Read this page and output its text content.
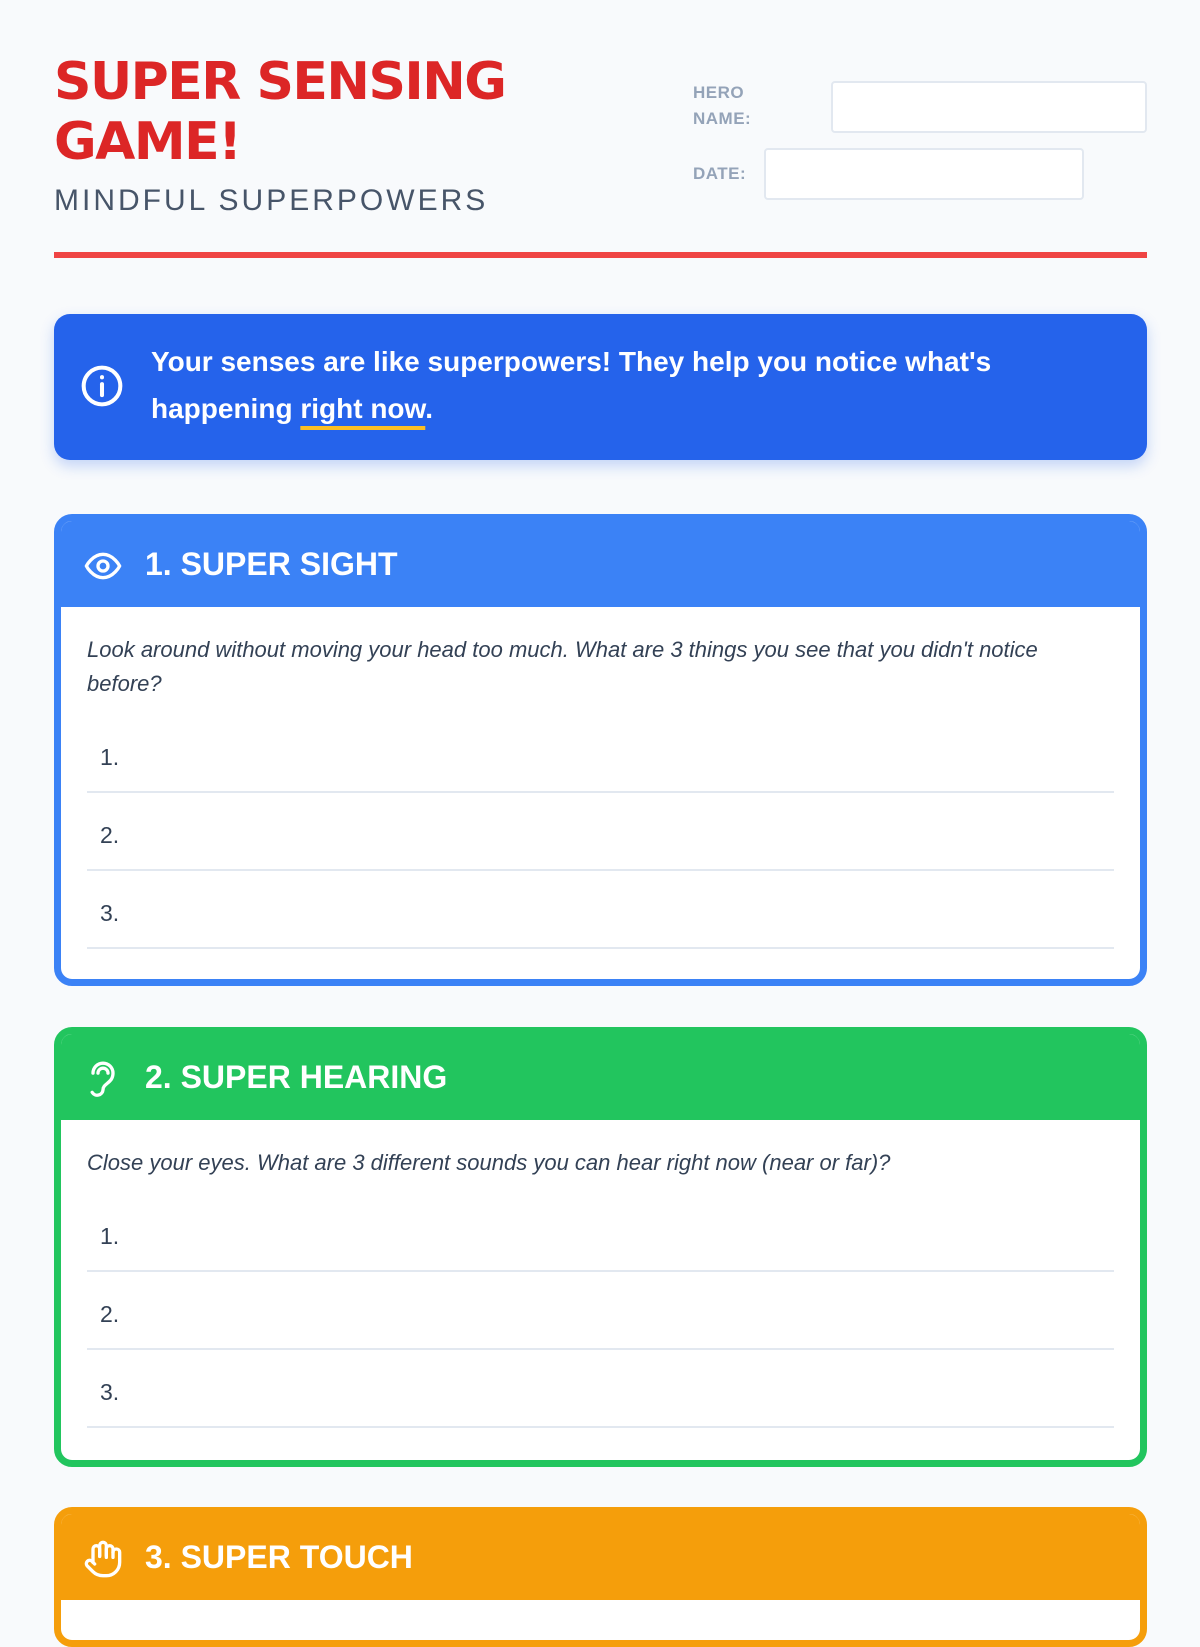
SUPER SENSING
GAME!
MINDFUL SUPERPOWERS
HERO
NAME:
DATE:
Your senses are like superpowers! They help you notice what's happening right now.
1. SUPER SIGHT
Look around without moving your head too much. What are 3 things you see that you didn't notice before?
1.
2.
3.
2. SUPER HEARING
Close your eyes. What are 3 different sounds you can hear right now (near or far)?
1.
2.
3.
3. SUPER TOUCH
